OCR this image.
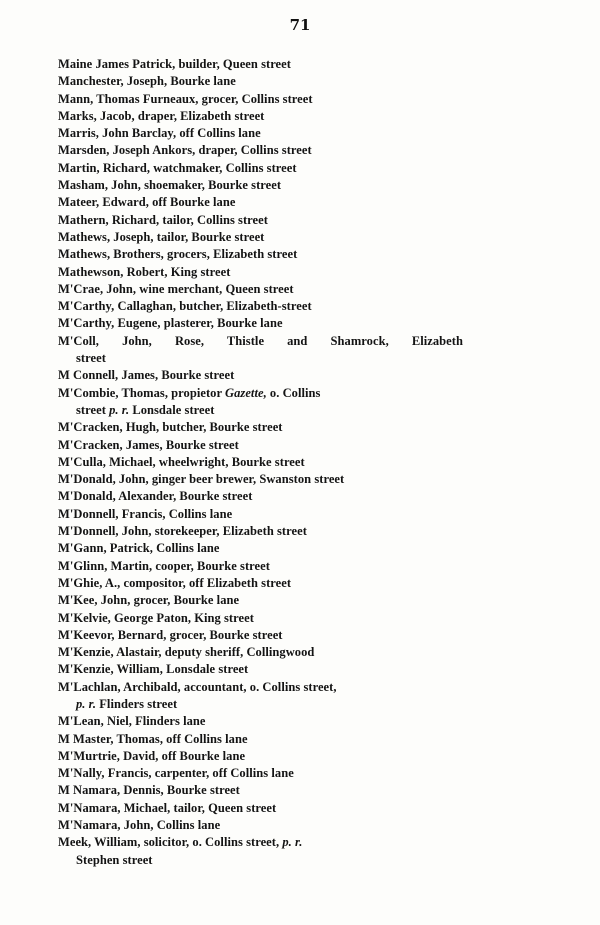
71
Maine James Patrick, builder, Queen street
Manchester, Joseph, Bourke lane
Mann, Thomas Furneaux, grocer, Collins street
Marks, Jacob, draper, Elizabeth street
Marris, John Barclay, off Collins lane
Marsden, Joseph Ankors, draper, Collins street
Martin, Richard, watchmaker, Collins street
Masham, John, shoemaker, Bourke street
Mateer, Edward, off Bourke lane
Mathern, Richard, tailor, Collins street
Mathews, Joseph, tailor, Bourke street
Mathews, Brothers, grocers, Elizabeth street
Mathewson, Robert, King street
M'Crae, John, wine merchant, Queen street
M'Carthy, Callaghan, butcher, Elizabeth-street
M'Carthy, Eugene, plasterer, Bourke lane
M'Coll, John, Rose, Thistle and Shamrock, Elizabeth
street
M Connell, James, Bourke street
M'Combie, Thomas, propietor Gazette, o. Collins
street p. r. Lonsdale street
M'Cracken, Hugh, butcher, Bourke street
M'Cracken, James, Bourke street
M'Culla, Michael, wheelwright, Bourke street
M'Donald, John, ginger beer brewer, Swanston street
M'Donald, Alexander, Bourke street
M'Donnell, Francis, Collins lane
M'Donnell, John, storekeeper, Elizabeth street
M'Gann, Patrick, Collins lane
M'Glinn, Martin, cooper, Bourke street
M'Ghie, A., compositor, off Elizabeth street
M'Kee, John, grocer, Bourke lane
M'Kelvie, George Paton, King street
M'Keevor, Bernard, grocer, Bourke street
M'Kenzie, Alastair, deputy sheriff, Collingwood
M'Kenzie, William, Lonsdale street
M'Lachlan, Archibald, accountant, o. Collins street,
p. r. Flinders street
M'Lean, Niel, Flinders lane
M Master, Thomas, off Collins lane
M'Murtrie, David, off Bourke lane
M'Nally, Francis, carpenter, off Collins lane
M Namara, Dennis, Bourke street
M'Namara, Michael, tailor, Queen street
M'Namara, John, Collins lane
Meek, William, solicitor, o. Collins street, p. r.
Stephen street
